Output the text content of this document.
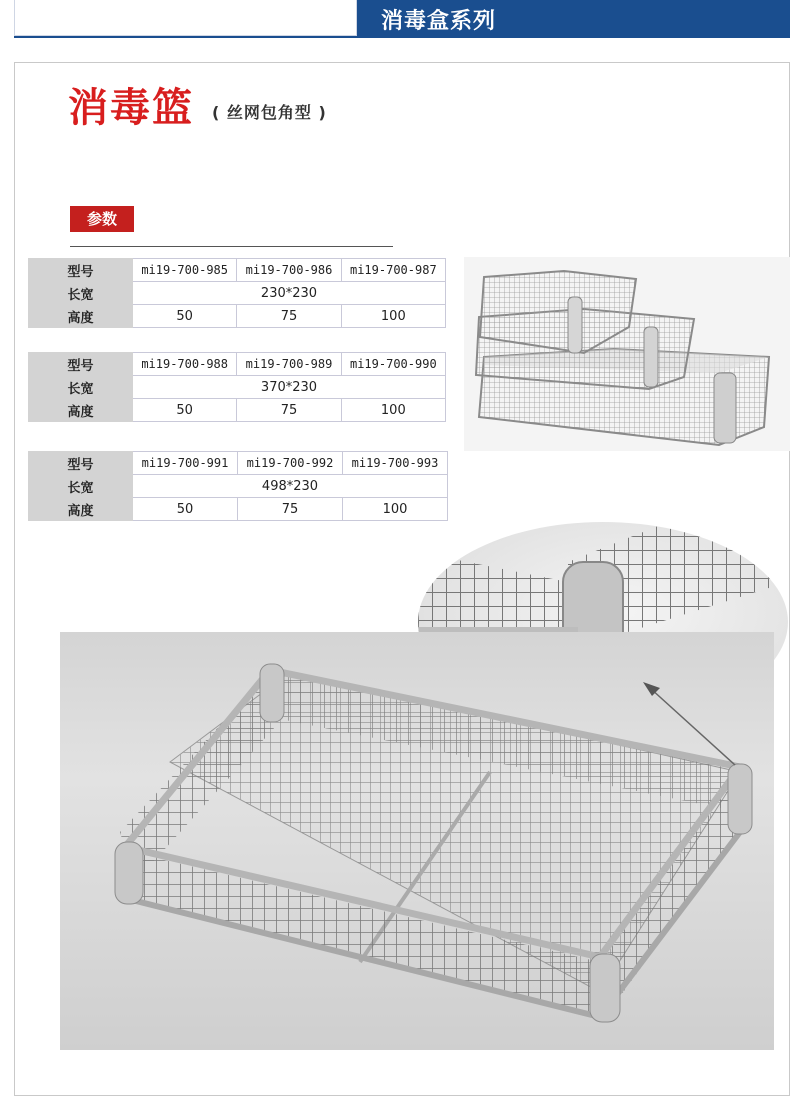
消毒盒系列
消毒篮 ( 丝网包角型 )
参数
型号	mi19-700-985	mi19-700-986	mi19-700-987
长宽	230*230		
高度	50	75	100
型号	mi19-700-988	mi19-700-989	mi19-700-990
长宽	370*230		
高度	50	75	100
型号	mi19-700-991	mi19-700-992	mi19-700-993
长宽	498*230		
高度	50	75	100
